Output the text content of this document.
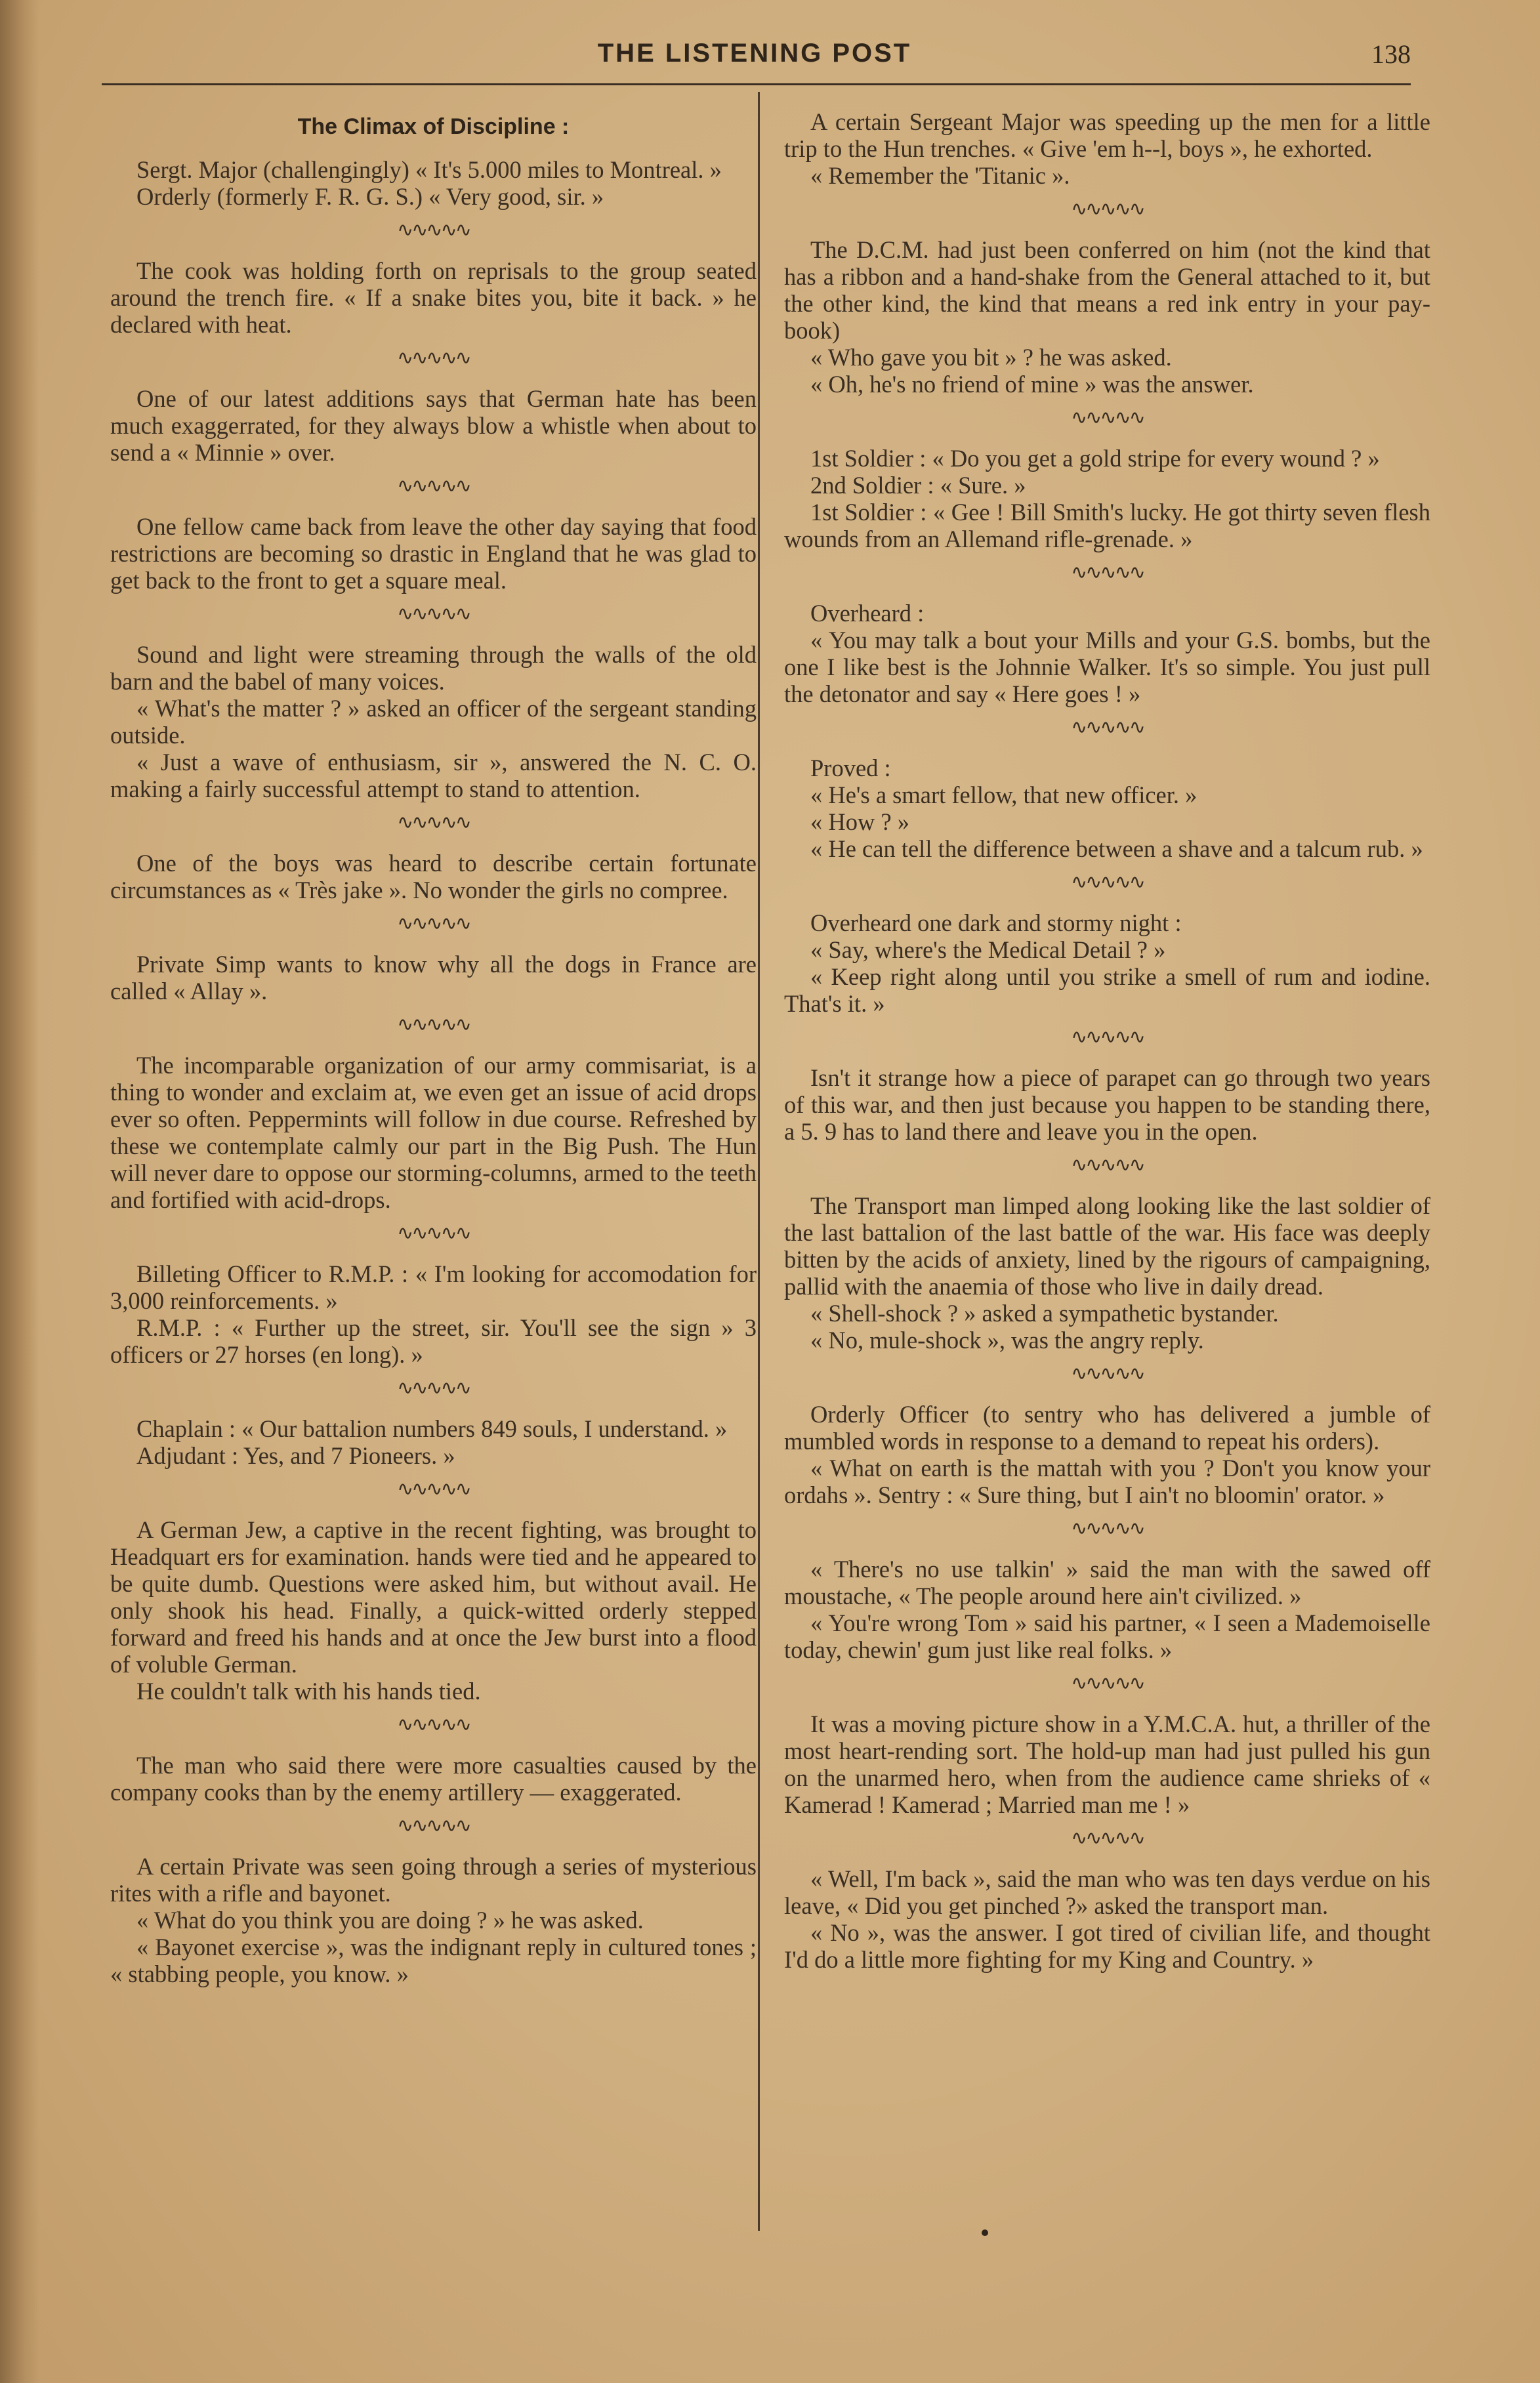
THE LISTENING POST	138
The Climax of Discipline :

Sergt. Major (challengingly) « It's 5.000 miles to Montreal. »

Orderly (formerly F. R. G. S.) « Very good, sir. »

∿∿∿∿∿

The cook was holding forth on reprisals to the group seated around the trench fire. « If a snake bites you, bite it back. » he declared with heat.

∿∿∿∿∿

One of our latest additions says that German hate has been much exaggerrated, for they always blow a whistle when about to send a « Minnie » over.

∿∿∿∿∿

One fellow came back from leave the other day saying that food restrictions are becoming so drastic in England that he was glad to get back to the front to get a square meal.

∿∿∿∿∿

Sound and light were streaming through the walls of the old barn and the babel of many voices.

« What's the matter ? » asked an officer of the sergeant standing outside.

« Just a wave of enthusiasm, sir », answered the N. C. O. making a fairly successful attempt to stand to attention.

∿∿∿∿∿

One of the boys was heard to describe certain fortunate circumstances as « Très jake ». No wonder the girls no compree.

∿∿∿∿∿

Private Simp wants to know why all the dogs in France are called « Allay ».

∿∿∿∿∿

The incomparable organization of our army commisariat, is a thing to wonder and exclaim at, we even get an issue of acid drops ever so often. Peppermints will follow in due course. Refreshed by these we contemplate calmly our part in the Big Push. The Hun will never dare to oppose our storming-columns, armed to the teeth and fortified with acid-drops.

∿∿∿∿∿

Billeting Officer to R.M.P. : « I'm looking for accomodation for 3,000 reinforcements. »

R.M.P. : « Further up the street, sir. You'll see the sign » 3 officers or 27 horses (en long). »

∿∿∿∿∿

Chaplain : « Our battalion numbers 849 souls, I understand. »

Adjudant : Yes, and 7 Pioneers. »

∿∿∿∿∿

A German Jew, a captive in the recent fighting, was brought to Headquart ers for examination. hands were tied and he appeared to be quite dumb. Questions were asked him, but without avail. He only shook his head. Finally, a quick-witted orderly stepped forward and freed his hands and at once the Jew burst into a flood of voluble German.

He couldn't talk with his hands tied.

∿∿∿∿∿

The man who said there were more casualties caused by the company cooks than by the enemy artillery — exaggerated.

∿∿∿∿∿

A certain Private was seen going through a series of mysterious rites with a rifle and bayonet.

« What do you think you are doing ? » he was asked.

« Bayonet exercise », was the indignant reply in cultured tones ; « stabbing people, you know. »

A certain Sergeant Major was speeding up the men for a little trip to the Hun trenches. « Give 'em h--l, boys », he exhorted.

« Remember the 'Titanic ».

∿∿∿∿∿

The D.C.M. had just been conferred on him (not the kind that has a ribbon and a hand-shake from the General attached to it, but the other kind, the kind that means a red ink entry in your pay-book)

« Who gave you bit » ? he was asked.

« Oh, he's no friend of mine » was the answer.

∿∿∿∿∿

1st Soldier : « Do you get a gold stripe for every wound ? »

2nd Soldier : « Sure. »

1st Soldier : « Gee ! Bill Smith's lucky. He got thirty seven flesh wounds from an Allemand rifle-grenade. »

∿∿∿∿∿

Overheard :

« You may talk a bout your Mills and your G.S. bombs, but the one I like best is the Johnnie Walker. It's so simple. You just pull the detonator and say « Here goes ! »

∿∿∿∿∿

Proved :

« He's a smart fellow, that new officer. »

« How ? »

« He can tell the difference between a shave and a talcum rub. »

∿∿∿∿∿

Overheard one dark and stormy night :

« Say, where's the Medical Detail ? »

« Keep right along until you strike a smell of rum and iodine. That's it. »

∿∿∿∿∿

Isn't it strange how a piece of parapet can go through two years of this war, and then just because you happen to be standing there, a 5. 9 has to land there and leave you in the open.

∿∿∿∿∿

The Transport man limped along looking like the last soldier of the last battalion of the last battle of the war. His face was deeply bitten by the acids of anxiety, lined by the rigours of campaigning, pallid with the anaemia of those who live in daily dread.

« Shell-shock ? » asked a sympathetic bystander.

« No, mule-shock », was the angry reply.

∿∿∿∿∿

Orderly Officer (to sentry who has delivered a jumble of mumbled words in response to a demand to repeat his orders).

« What on earth is the mattah with you ? Don't you know your ordahs ». Sentry : « Sure thing, but I ain't no bloomin' orator. »

∿∿∿∿∿

« There's no use talkin' » said the man with the sawed off moustache, « The people around here ain't civilized. »

« You're wrong Tom » said his partner, « I seen a Mademoiselle today, chewin' gum just like real folks. »

∿∿∿∿∿

It was a moving picture show in a Y.M.C.A. hut, a thriller of the most heart-rending sort. The hold-up man had just pulled his gun on the unarmed hero, when from the audience came shrieks of « Kamerad ! Kamerad ; Married man me ! »

∿∿∿∿∿

« Well, I'm back », said the man who was ten days verdue on his leave, « Did you get pinched ?» asked the transport man.

« No », was the answer. I got tired of civilian life, and thought I'd do a little more fighting for my King and Country. »
